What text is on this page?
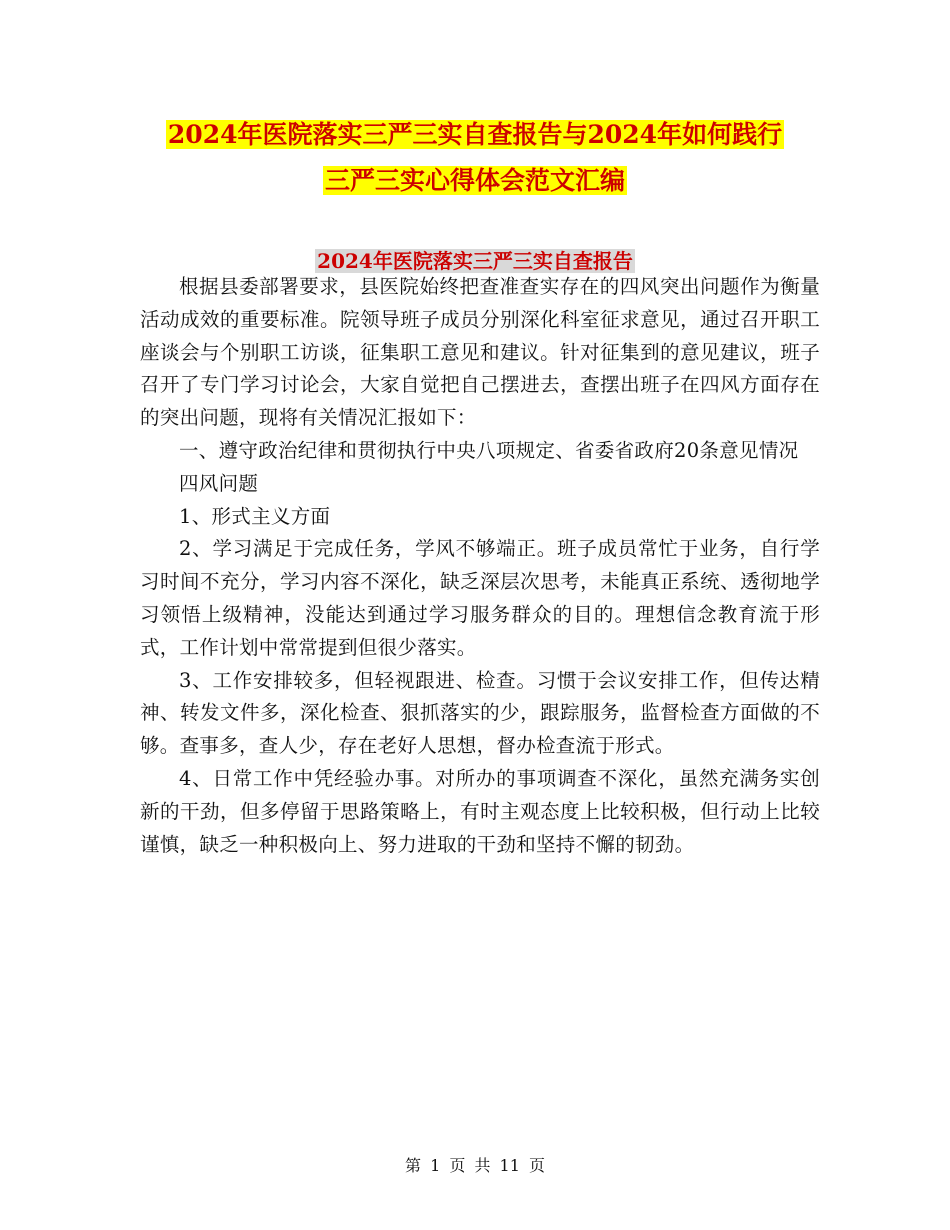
2024年医院落实三严三实自查报告与2024年如何践行
三严三实心得体会范文汇编
2024年医院落实三严三实自查报告

根据县委部署要求，县医院始终把查准查实存在的四风突出问题作为衡量活动成效的重要标准。院领导班子成员分别深化科室征求意见，通过召开职工座谈会与个别职工访谈，征集职工意见和建议。针对征集到的意见建议，班子召开了专门学习讨论会，大家自觉把自己摆进去，查摆出班子在四风方面存在的突出问题，现将有关情况汇报如下：

一、遵守政治纪律和贯彻执行中央八项规定、省委省政府20条意见情况

四风问题

1、形式主义方面

2、学习满足于完成任务，学风不够端正。班子成员常忙于业务，自行学习时间不充分，学习内容不深化，缺乏深层次思考，未能真正系统、透彻地学习领悟上级精神，没能达到通过学习服务群众的目的。理想信念教育流于形式，工作计划中常常提到但很少落实。

3、工作安排较多，但轻视跟进、检查。习惯于会议安排工作，但传达精神、转发文件多，深化检查、狠抓落实的少，跟踪服务，监督检查方面做的不够。查事多，查人少，存在老好人思想，督办检查流于形式。

4、日常工作中凭经验办事。对所办的事项调查不深化，虽然充满务实创新的干劲，但多停留于思路策略上，有时主观态度上比较积极，但行动上比较谨慎，缺乏一种积极向上、努力进取的干劲和坚持不懈的韧劲。

第 1 页 共 11 页
